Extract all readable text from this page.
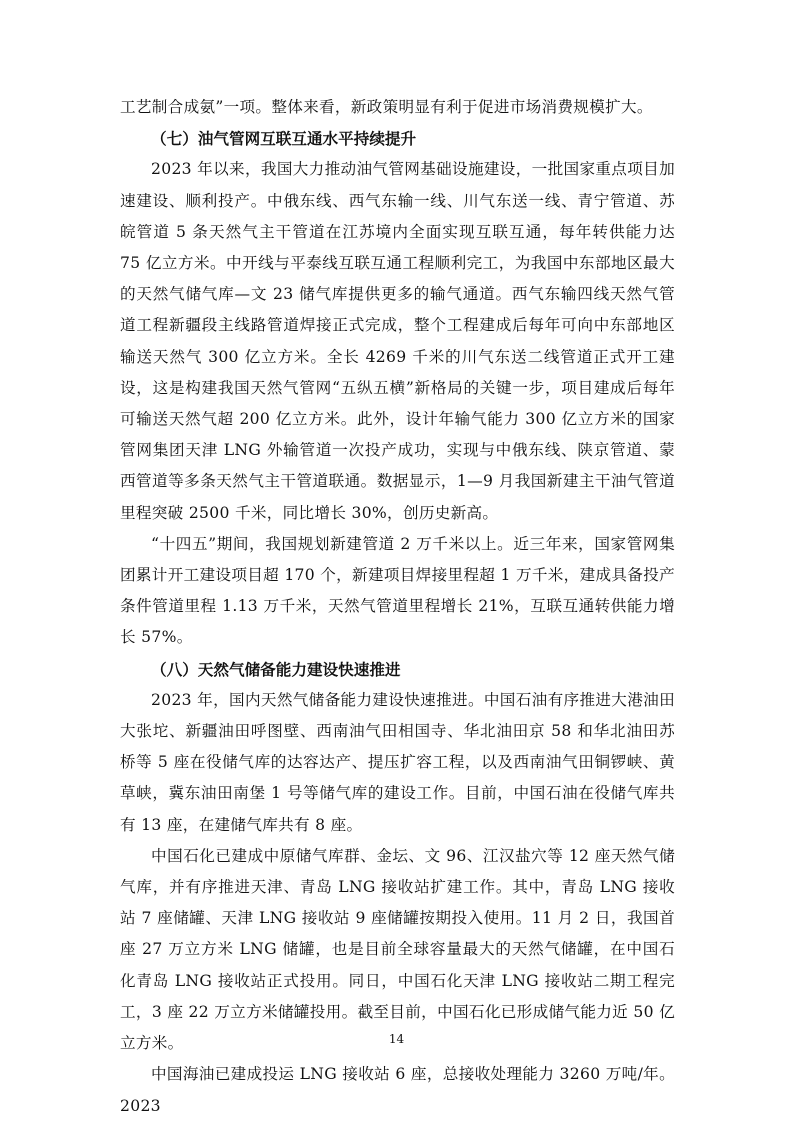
工艺制合成氨”一项。整体来看，新政策明显有利于促进市场消费规模扩大。

（七）油气管网互联互通水平持续提升

2023 年以来，我国大力推动油气管网基础设施建设，一批国家重点项目加速建设、顺利投产。中俄东线、西气东输一线、川气东送一线、青宁管道、苏皖管道 5 条天然气主干管道在江苏境内全面实现互联互通，每年转供能力达 75 亿立方米。中开线与平泰线互联互通工程顺利完工，为我国中东部地区最大的天然气储气库—文 23 储气库提供更多的输气通道。西气东输四线天然气管道工程新疆段主线路管道焊接正式完成，整个工程建成后每年可向中东部地区输送天然气 300 亿立方米。全长 4269 千米的川气东送二线管道正式开工建设，这是构建我国天然气管网“五纵五横”新格局的关键一步，项目建成后每年可输送天然气超 200 亿立方米。此外，设计年输气能力 300 亿立方米的国家管网集团天津 LNG 外输管道一次投产成功，实现与中俄东线、陕京管道、蒙西管道等多条天然气主干管道联通。数据显示，1—9 月我国新建主干油气管道里程突破 2500 千米，同比增长 30%，创历史新高。

“十四五”期间，我国规划新建管道 2 万千米以上。近三年来，国家管网集团累计开工建设项目超 170 个，新建项目焊接里程超 1 万千米，建成具备投产条件管道里程 1.13 万千米，天然气管道里程增长 21%，互联互通转供能力增长 57%。

（八）天然气储备能力建设快速推进

2023 年，国内天然气储备能力建设快速推进。中国石油有序推进大港油田大张坨、新疆油田呼图壁、西南油气田相国寺、华北油田京 58 和华北油田苏桥等 5 座在役储气库的达容达产、提压扩容工程，以及西南油气田铜锣峡、黄草峡，冀东油田南堡 1 号等储气库的建设工作。目前，中国石油在役储气库共有 13 座，在建储气库共有 8 座。

中国石化已建成中原储气库群、金坛、文 96、江汉盐穴等 12 座天然气储气库，并有序推进天津、青岛 LNG 接收站扩建工作。其中，青岛 LNG 接收站 7 座储罐、天津 LNG 接收站 9 座储罐按期投入使用。11 月 2 日，我国首座 27 万立方米 LNG 储罐，也是目前全球容量最大的天然气储罐，在中国石化青岛 LNG 接收站正式投用。同日，中国石化天津 LNG 接收站二期工程完工，3 座 22 万立方米储罐投用。截至目前，中国石化已形成储气能力近 50 亿立方米。

中国海油已建成投运 LNG 接收站 6 座，总接收处理能力 3260 万吨/年。2023

14
